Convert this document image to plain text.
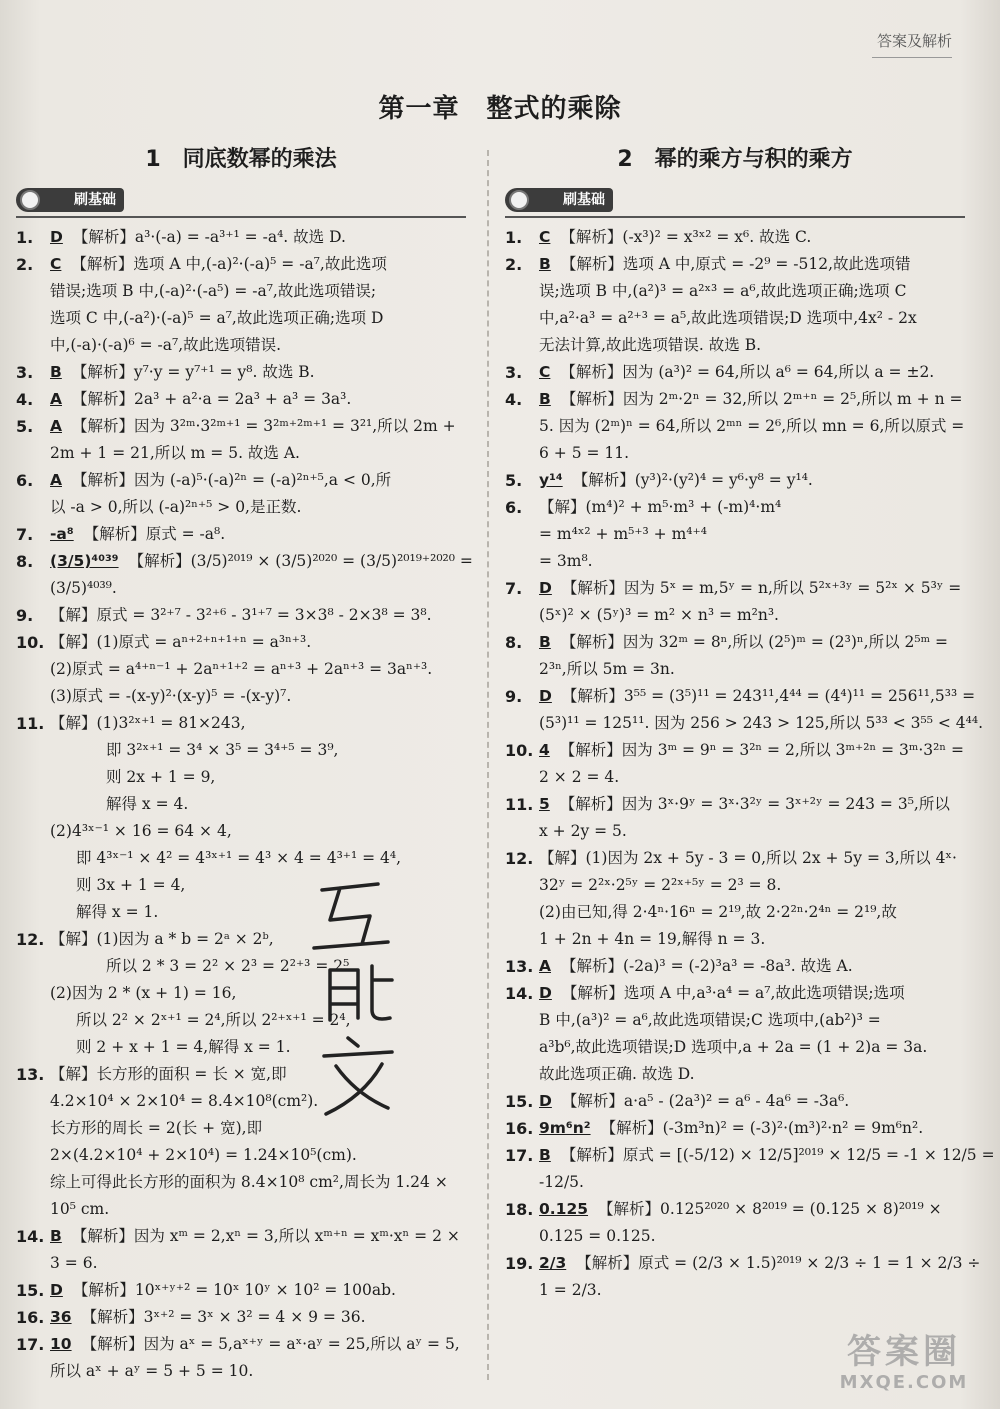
答案及解析
第一章　整式的乘除
1　同底数幂的乘法
刷基础
1. D 【解析】a³·(-a) = -a³⁺¹ = -a⁴. 故选 D.
2. C 【解析】选项 A 中,(-a)²·(-a)⁵ = -a⁷,故此选项
错误;选项 B 中,(-a)²·(-a⁵) = -a⁷,故此选项错误;
选项 C 中,(-a²)·(-a)⁵ = a⁷,故此选项正确;选项 D
中,(-a)·(-a)⁶ = -a⁷,故此选项错误.
3. B 【解析】y⁷·y = y⁷⁺¹ = y⁸. 故选 B.
4. A 【解析】2a³ + a²·a = 2a³ + a³ = 3a³.
5. A 【解析】因为 3²ᵐ·3²ᵐ⁺¹ = 3²ᵐ⁺²ᵐ⁺¹ = 3²¹,所以 2m +
2m + 1 = 21,所以 m = 5. 故选 A.
6. A 【解析】因为 (-a)⁵·(-a)²ⁿ = (-a)²ⁿ⁺⁵,a < 0,所
以 -a > 0,所以 (-a)²ⁿ⁺⁵ > 0,是正数.
7. -a⁸ 【解析】原式 = -a⁸.
8. (3/5)⁴⁰³⁹ 【解析】(3/5)²⁰¹⁹ × (3/5)²⁰²⁰ = (3/5)²⁰¹⁹⁺²⁰²⁰ =
(3/5)⁴⁰³⁹.
9. 【解】原式 = 3²⁺⁷ - 3²⁺⁶ - 3¹⁺⁷ = 3×3⁸ - 2×3⁸ = 3⁸.
10. 【解】(1)原式 = aⁿ⁺²⁺ⁿ⁺¹⁺ⁿ = a³ⁿ⁺³.
(2)原式 = a⁴⁺ⁿ⁻¹ + 2aⁿ⁺¹⁺² = aⁿ⁺³ + 2aⁿ⁺³ = 3aⁿ⁺³.
(3)原式 = -(x-y)²·(x-y)⁵ = -(x-y)⁷.
11. 【解】(1)3²ˣ⁺¹ = 81×243,
即 3²ˣ⁺¹ = 3⁴ × 3⁵ = 3⁴⁺⁵ = 3⁹,
则 2x + 1 = 9,
解得 x = 4.
(2)4³ˣ⁻¹ × 16 = 64 × 4,
即 4³ˣ⁻¹ × 4² = 4³ˣ⁺¹ = 4³ × 4 = 4³⁺¹ = 4⁴,
则 3x + 1 = 4,
解得 x = 1.
12. 【解】(1)因为 a * b = 2ᵃ × 2ᵇ,
所以 2 * 3 = 2² × 2³ = 2²⁺³ = 2⁵.
(2)因为 2 * (x + 1) = 16,
所以 2² × 2ˣ⁺¹ = 2⁴,所以 2²⁺ˣ⁺¹ = 2⁴,
则 2 + x + 1 = 4,解得 x = 1.
13. 【解】长方形的面积 = 长 × 宽,即
4.2×10⁴ × 2×10⁴ = 8.4×10⁸(cm²).
长方形的周长 = 2(长 + 宽),即
2×(4.2×10⁴ + 2×10⁴) = 1.24×10⁵(cm).
综上可得此长方形的面积为 8.4×10⁸ cm²,周长为 1.24 ×
10⁵ cm.
14. B 【解析】因为 xᵐ = 2,xⁿ = 3,所以 xᵐ⁺ⁿ = xᵐ·xⁿ = 2 ×
3 = 6.
15. D 【解析】10ˣ⁺ʸ⁺² = 10ˣ 10ʸ × 10² = 100ab.
16. 36 【解析】3ˣ⁺² = 3ˣ × 3² = 4 × 9 = 36.
17. 10 【解析】因为 aˣ = 5,aˣ⁺ʸ = aˣ·aʸ = 25,所以 aʸ = 5,
所以 aˣ + aʸ = 5 + 5 = 10.
2　幂的乘方与积的乘方
刷基础
1. C 【解析】(-x³)² = x³ˣ² = x⁶. 故选 C.
2. B 【解析】选项 A 中,原式 = -2⁹ = -512,故此选项错
误;选项 B 中,(a²)³ = a²ˣ³ = a⁶,故此选项正确;选项 C
中,a²·a³ = a²⁺³ = a⁵,故此选项错误;D 选项中,4x² - 2x
无法计算,故此选项错误. 故选 B.
3. C 【解析】因为 (a³)² = 64,所以 a⁶ = 64,所以 a = ±2.
4. B 【解析】因为 2ᵐ·2ⁿ = 32,所以 2ᵐ⁺ⁿ = 2⁵,所以 m + n =
5. 因为 (2ᵐ)ⁿ = 64,所以 2ᵐⁿ = 2⁶,所以 mn = 6,所以原式 =
6 + 5 = 11.
5. y¹⁴ 【解析】(y³)²·(y²)⁴ = y⁶·y⁸ = y¹⁴.
6. 【解】(m⁴)² + m⁵·m³ + (-m)⁴·m⁴
= m⁴ˣ² + m⁵⁺³ + m⁴⁺⁴
= 3m⁸.
7. D 【解析】因为 5ˣ = m,5ʸ = n,所以 5²ˣ⁺³ʸ = 5²ˣ × 5³ʸ =
(5ˣ)² × (5ʸ)³ = m² × n³ = m²n³.
8. B 【解析】因为 32ᵐ = 8ⁿ,所以 (2⁵)ᵐ = (2³)ⁿ,所以 2⁵ᵐ =
2³ⁿ,所以 5m = 3n.
9. D 【解析】3⁵⁵ = (3⁵)¹¹ = 243¹¹,4⁴⁴ = (4⁴)¹¹ = 256¹¹,5³³ =
(5³)¹¹ = 125¹¹. 因为 256 > 243 > 125,所以 5³³ < 3⁵⁵ < 4⁴⁴.
10. 4 【解析】因为 3ᵐ = 9ⁿ = 3²ⁿ = 2,所以 3ᵐ⁺²ⁿ = 3ᵐ·3²ⁿ =
2 × 2 = 4.
11. 5 【解析】因为 3ˣ·9ʸ = 3ˣ·3²ʸ = 3ˣ⁺²ʸ = 243 = 3⁵,所以
x + 2y = 5.
12. 【解】(1)因为 2x + 5y - 3 = 0,所以 2x + 5y = 3,所以 4ˣ·
32ʸ = 2²ˣ·2⁵ʸ = 2²ˣ⁺⁵ʸ = 2³ = 8.
(2)由已知,得 2·4ⁿ·16ⁿ = 2¹⁹,故 2·2²ⁿ·2⁴ⁿ = 2¹⁹,故
1 + 2n + 4n = 19,解得 n = 3.
13. A 【解析】(-2a)³ = (-2)³a³ = -8a³. 故选 A.
14. D 【解析】选项 A 中,a³·a⁴ = a⁷,故此选项错误;选项
B 中,(a³)² = a⁶,故此选项错误;C 选项中,(ab²)³ =
a³b⁶,故此选项错误;D 选项中,a + 2a = (1 + 2)a = 3a.
故此选项正确. 故选 D.
15. D 【解析】a·a⁵ - (2a³)² = a⁶ - 4a⁶ = -3a⁶.
16. 9m⁶n² 【解析】(-3m³n)² = (-3)²·(m³)²·n² = 9m⁶n².
17. B 【解析】原式 = [(-5/12) × 12/5]²⁰¹⁹ × 12/5 = -1 × 12/5 =
-12/5.
18. 0.125 【解析】0.125²⁰²⁰ × 8²⁰¹⁹ = (0.125 × 8)²⁰¹⁹ ×
0.125 = 0.125.
19. 2/3 【解析】原式 = (2/3 × 1.5)²⁰¹⁹ × 2/3 ÷ 1 = 1 × 2/3 ÷
1 = 2/3.
答案圈
MXQE.COM
